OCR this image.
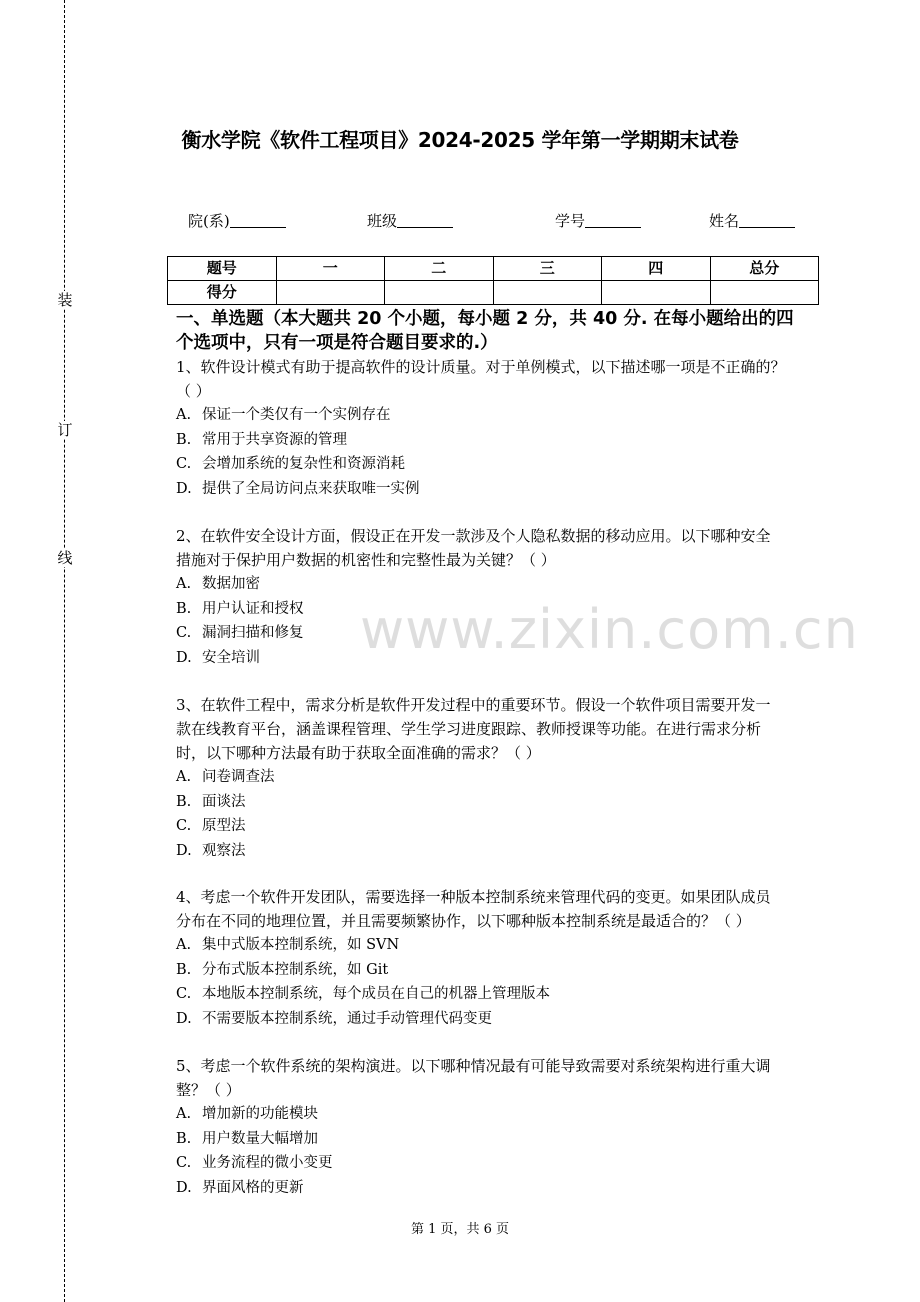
装
订
线
衡水学院《软件工程项目》2024-2025 学年第一学期期末试卷
院(系)	班级	学号	姓名
题号	一	二	三	四	总分
得分					
一、单选题（本大题共 20 个小题，每小题 2 分，共 40 分. 在每小题给出的四
个选项中，只有一项是符合题目要求的.）

1、软件设计模式有助于提高软件的设计质量。对于单例模式，以下描述哪一项是不正确的？

（ ）

A. 保证一个类仅有一个实例存在

B. 常用于共享资源的管理

C. 会增加系统的复杂性和资源消耗

D. 提供了全局访问点来获取唯一实例

2、在软件安全设计方面，假设正在开发一款涉及个人隐私数据的移动应用。以下哪种安全

措施对于保护用户数据的机密性和完整性最为关键？（ ）

A. 数据加密

B. 用户认证和授权

C. 漏洞扫描和修复

D. 安全培训

3、在软件工程中，需求分析是软件开发过程中的重要环节。假设一个软件项目需要开发一

款在线教育平台，涵盖课程管理、学生学习进度跟踪、教师授课等功能。在进行需求分析

时，以下哪种方法最有助于获取全面准确的需求？（ ）

A. 问卷调查法

B. 面谈法

C. 原型法

D. 观察法

4、考虑一个软件开发团队，需要选择一种版本控制系统来管理代码的变更。如果团队成员

分布在不同的地理位置，并且需要频繁协作，以下哪种版本控制系统是最适合的？（ ）

A. 集中式版本控制系统，如 SVN

B. 分布式版本控制系统，如 Git

C. 本地版本控制系统，每个成员在自己的机器上管理版本

D. 不需要版本控制系统，通过手动管理代码变更

5、考虑一个软件系统的架构演进。以下哪种情况最有可能导致需要对系统架构进行重大调

整？（ ）

A. 增加新的功能模块

B. 用户数量大幅增加

C. 业务流程的微小变更

D. 界面风格的更新

www.zixin.com.cn
第 1 页，共 6 页
